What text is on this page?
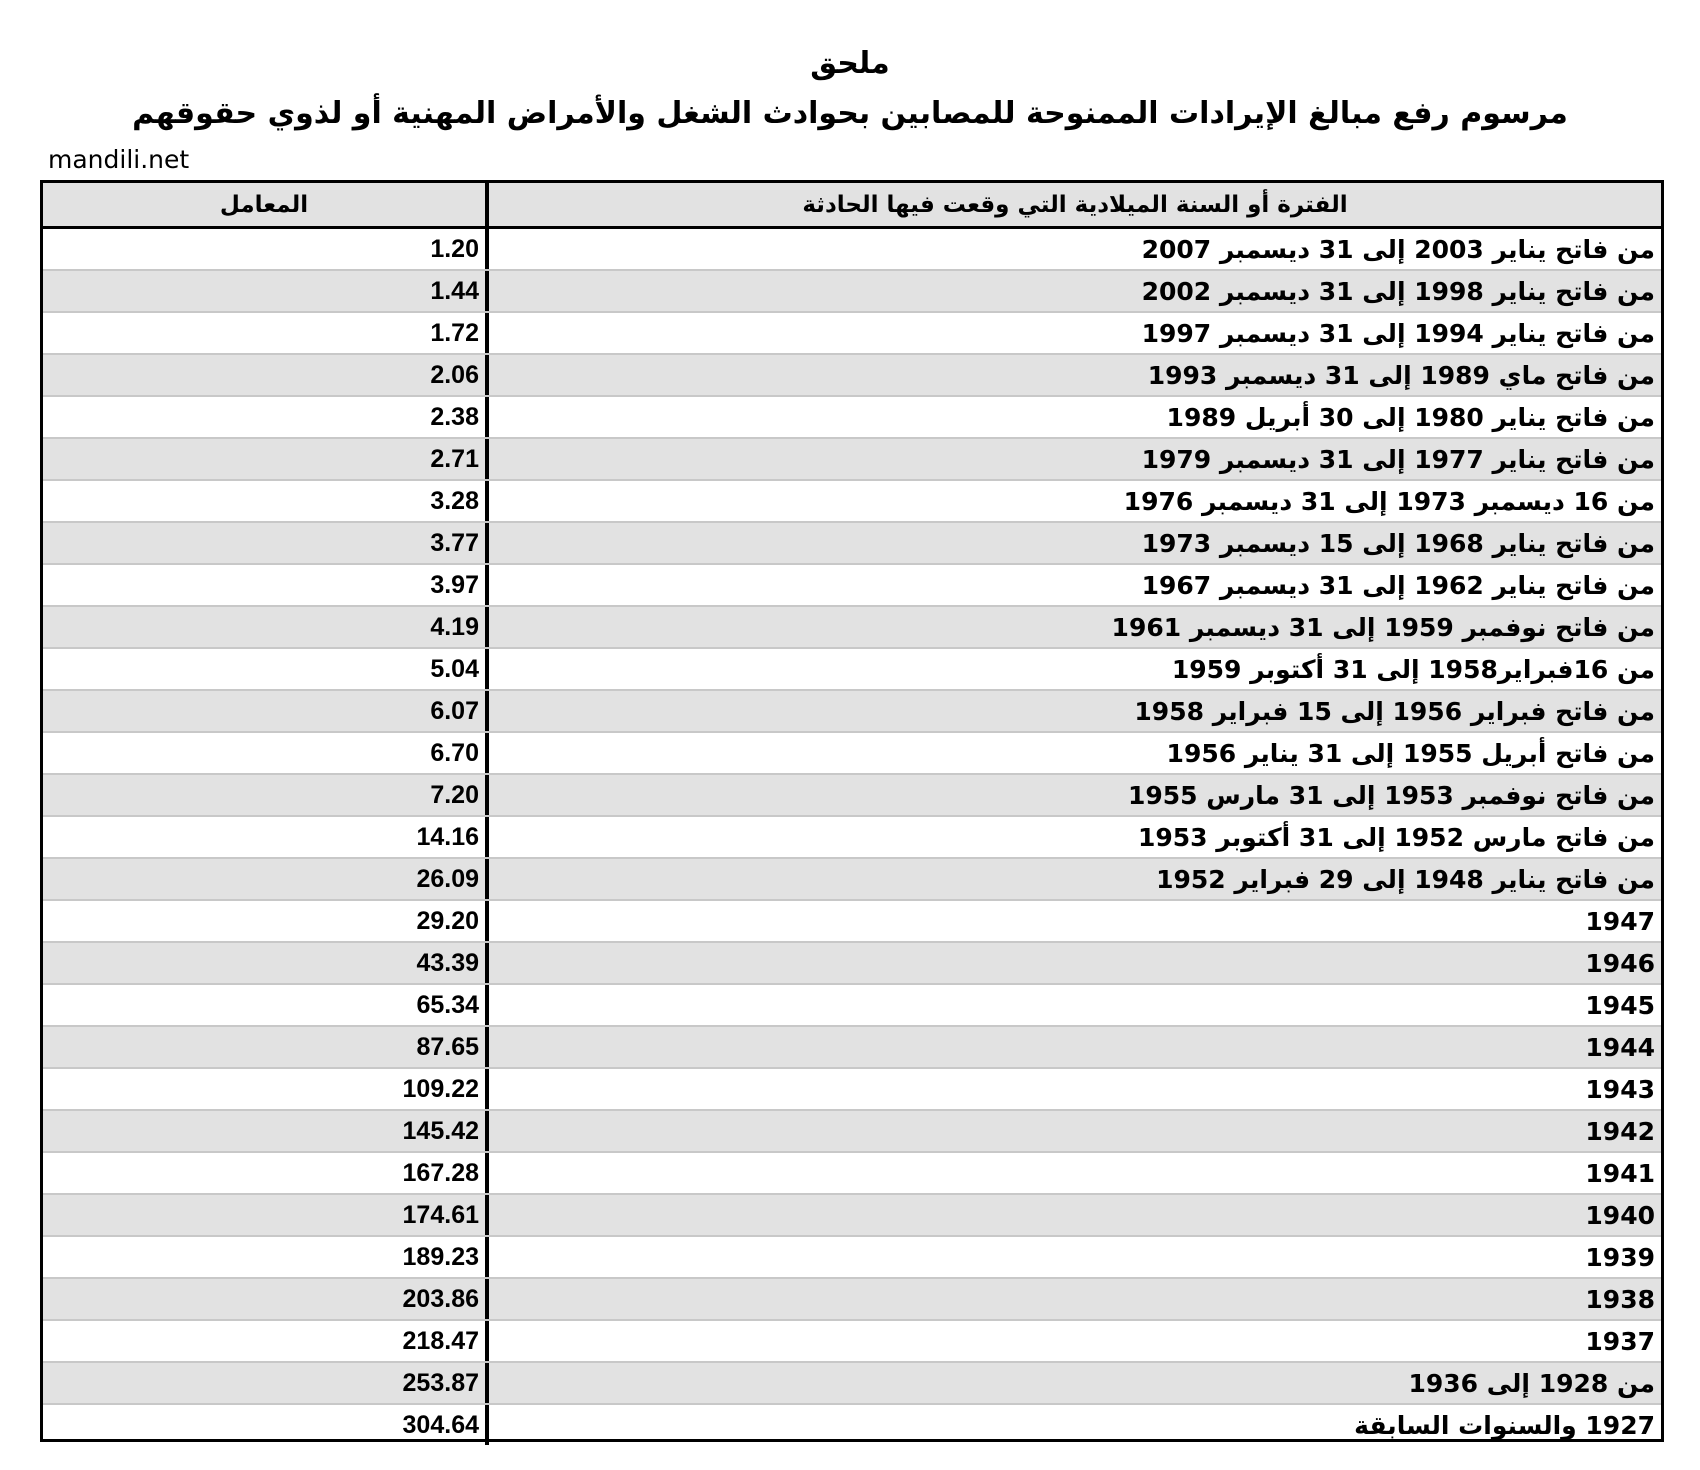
ملحق
مرسوم رفع مبالغ الإيرادات الممنوحة للمصابين بحوادث الشغل والأمراض المهنية أو لذوي حقوقهم
mandili.net
المعامل	الفترة أو السنة الميلادية التي وقعت فيها الحادثة
1.20	من فاتح يناير 2003 إلى 31 ديسمبر 2007
1.44	من فاتح يناير 1998 إلى 31 ديسمبر 2002
1.72	من فاتح يناير 1994 إلى 31 ديسمبر 1997
2.06	من فاتح ماي 1989 إلى 31 ديسمبر 1993
2.38	من فاتح يناير 1980 إلى 30 أبريل 1989
2.71	من فاتح يناير 1977 إلى 31 ديسمبر 1979
3.28	من 16 ديسمبر 1973 إلى 31 ديسمبر 1976
3.77	من فاتح يناير 1968 إلى 15 ديسمبر 1973
3.97	من فاتح يناير 1962 إلى 31 ديسمبر 1967
4.19	من فاتح نوفمبر 1959 إلى 31 ديسمبر 1961
5.04	من 16فبراير1958 إلى 31 أكتوبر 1959
6.07	من فاتح فبراير 1956 إلى 15 فبراير 1958
6.70	من فاتح أبريل 1955 إلى 31 يناير 1956
7.20	من فاتح نوفمبر 1953 إلى 31 مارس 1955
14.16	من فاتح مارس 1952 إلى 31 أكتوبر 1953
26.09	من فاتح يناير 1948 إلى 29 فبراير 1952
29.20	1947
43.39	1946
65.34	1945
87.65	1944
109.22	1943
145.42	1942
167.28	1941
174.61	1940
189.23	1939
203.86	1938
218.47	1937
253.87	من 1928 إلى 1936
304.64	1927 والسنوات السابقة
